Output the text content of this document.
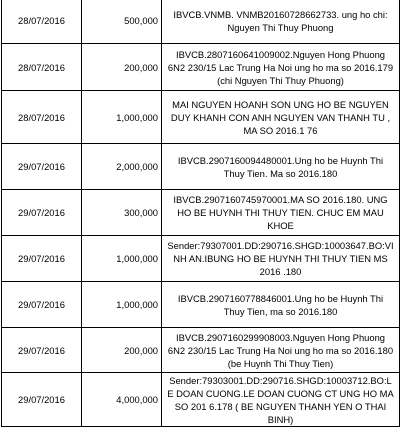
28/07/2016	500,000	IBVCB.VNMB. VNMB20160728662733. ung ho chi: Nguyen Thi Thuy Phuong
28/07/2016	200,000	IBVCB.2807160641009002.Nguyen Hong Phuong 6N2 230/15 Lac Trung Ha Noi ung ho ma so 2016.179 (chi Nguyen Thi Thuy Phuong)
28/07/2016	1,000,000	MAI NGUYEN HOANH SON UNG HO BE NGUYEN DUY KHANH CON ANH NGUYEN VAN THANH TU , MA SO 2016.1 76
29/07/2016	2,000,000	IBVCB.2907160094480001.Ung ho be Huynh Thi Thuy Tien. Ma so 2016.180
29/07/2016	300,000	IBVCB.2907160745970001.MA SO 2016.180. UNG HO BE HUYNH THI THUY TIEN. CHUC EM MAU KHOE
29/07/2016	1,000,000	Sender:79307001.DD:290716.SHGD:10003647.BO:VINH AN.IBUNG HO BE HUYNH THI THUY TIEN MS 2016 .180
29/07/2016	1,000,000	IBVCB.2907160778846001.Ung ho be Huynh Thi Thuy Tien, ma so 2016.180
29/07/2016	200,000	IBVCB.2907160299908003.Nguyen Hong Phuong 6N2 230/15 Lac Trung Ha Noi ung ho ma so 2016.180 (be Huynh Thi Thuy Tien)
29/07/2016	4,000,000	Sender:79303001.DD:290716.SHGD:10003712.BO:LE DOAN CUONG.LE DOAN CUONG CT UNG HO MA SO 201 6.178 ( BE NGUYEN THANH YEN O THAI BINH)
